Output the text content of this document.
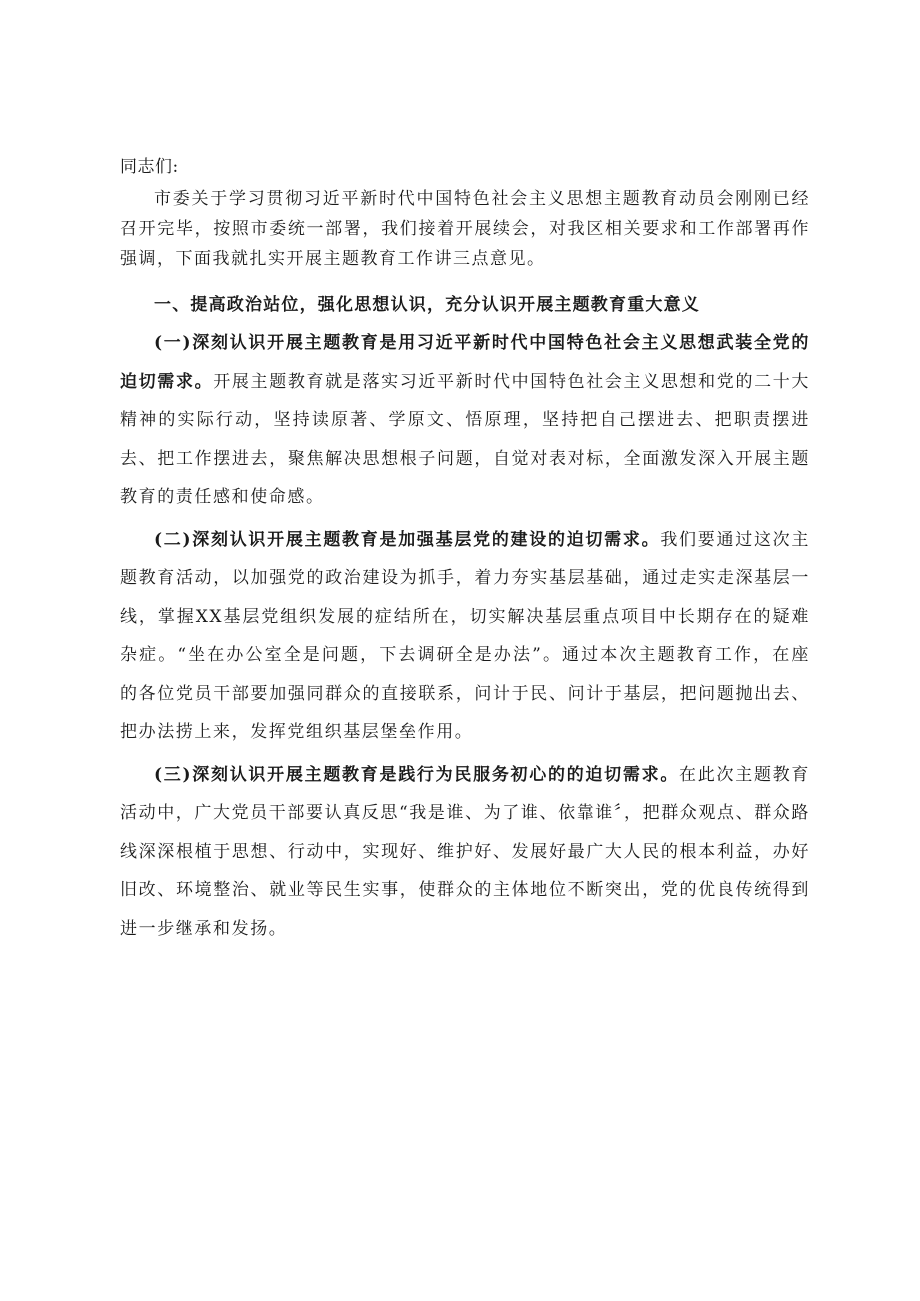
同志们:

市委关于学习贯彻习近平新时代中国特色社会主义思想主题教育动员会刚刚已经召开完毕，按照市委统一部署，我们接着开展续会，对我区相关要求和工作部署再作强调，下面我就扎实开展主题教育工作讲三点意见。

一、提高政治站位，强化思想认识，充分认识开展主题教育重大意义

(一)深刻认识开展主题教育是用习近平新时代中国特色社会主义思想武装全党的迫切需求。开展主题教育就是落实习近平新时代中国特色社会主义思想和党的二十大精神的实际行动，坚持读原著、学原文、悟原理，坚持把自己摆进去、把职责摆进去、把工作摆进去，聚焦解决思想根子问题，自觉对表对标，全面激发深入开展主题教育的责任感和使命感。

(二)深刻认识开展主题教育是加强基层党的建设的迫切需求。我们要通过这次主题教育活动，以加强党的政治建设为抓手，着力夯实基层基础，通过走实走深基层一线，掌握XX基层党组织发展的症结所在，切实解决基层重点项目中长期存在的疑难杂症。“坐在办公室全是问题，下去调研全是办法”。通过本次主题教育工作，在座的各位党员干部要加强同群众的直接联系，问计于民、问计于基层，把问题抛出去、把办法捞上来，发挥党组织基层堡垒作用。

(三)深刻认识开展主题教育是践行为民服务初心的的迫切需求。在此次主题教育活动中，广大党员干部要认真反思“我是谁、为了谁、依靠谁〞，把群众观点、群众路线深深根植于思想、行动中，实现好、维护好、发展好最广大人民的根本利益，办好旧改、环境整治、就业等民生实事，使群众的主体地位不断突出，党的优良传统得到进一步继承和发扬。
